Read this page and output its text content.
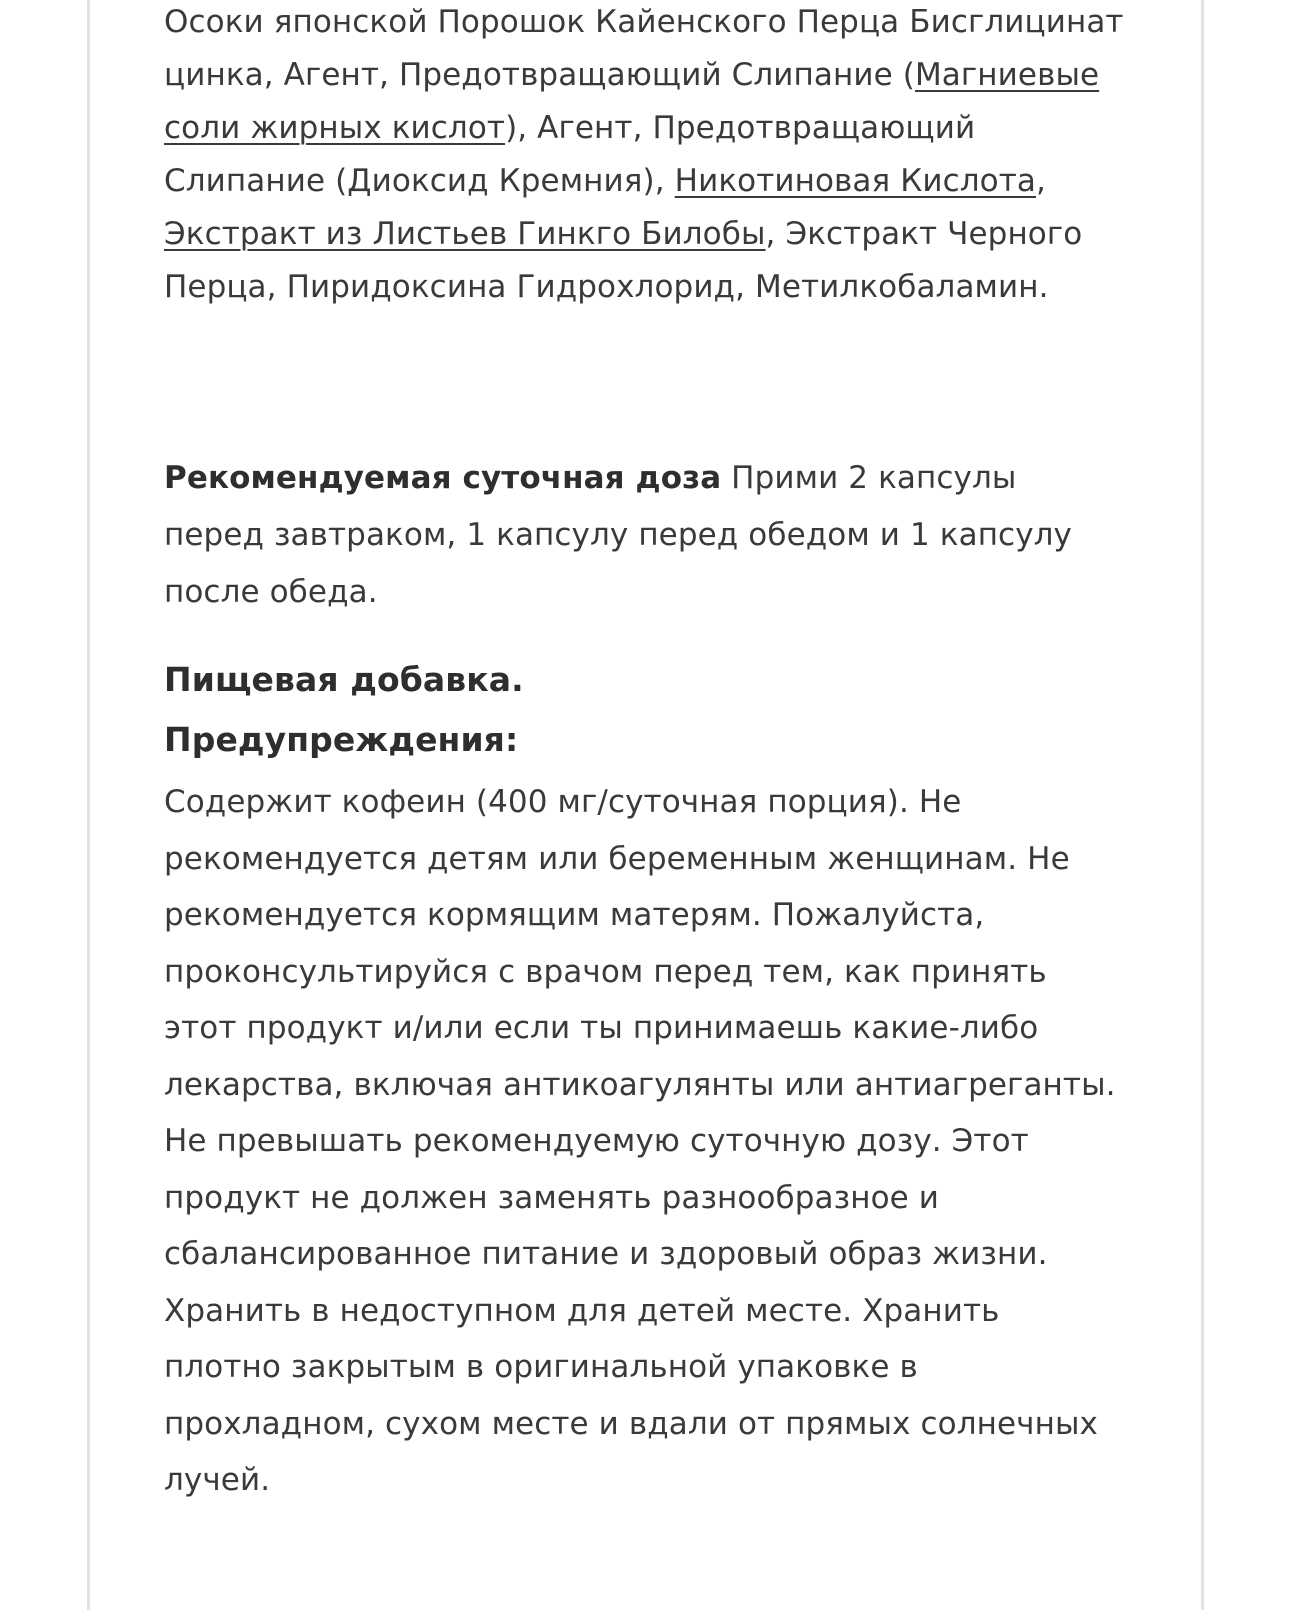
Осоки японской Порошок Кайенского Перца Бисглицинат цинка, Агент, Предотвращающий Слипание (Магниевые соли жирных кислот), Агент, Предотвращающий Слипание (Диоксид Кремния), Никотиновая Кислота, Экстракт из Листьев Гинкго Билобы, Экстракт Черного Перца, Пиридоксина Гидрохлорид, Метилкобаламин.

Рекомендуемая суточная доза Прими 2 капсулы перед завтраком, 1 капсулу перед обедом и 1 капсулу после обеда.

Пищевая добавка.

Предупреждения:

Содержит кофеин (400 мг/суточная порция). Не рекомендуется детям или беременным женщинам. Не рекомендуется кормящим матерям. Пожалуйста, проконсультируйся с врачом перед тем, как принять этот продукт и/или если ты принимаешь какие-либо лекарства, включая антикоагулянты или антиагреганты. Не превышать рекомендуемую суточную дозу. Этот продукт не должен заменять разнообразное и сбалансированное питание и здоровый образ жизни. Хранить в недоступном для детей месте. Хранить плотно закрытым в оригинальной упаковке в прохладном, сухом месте и вдали от прямых солнечных лучей.
